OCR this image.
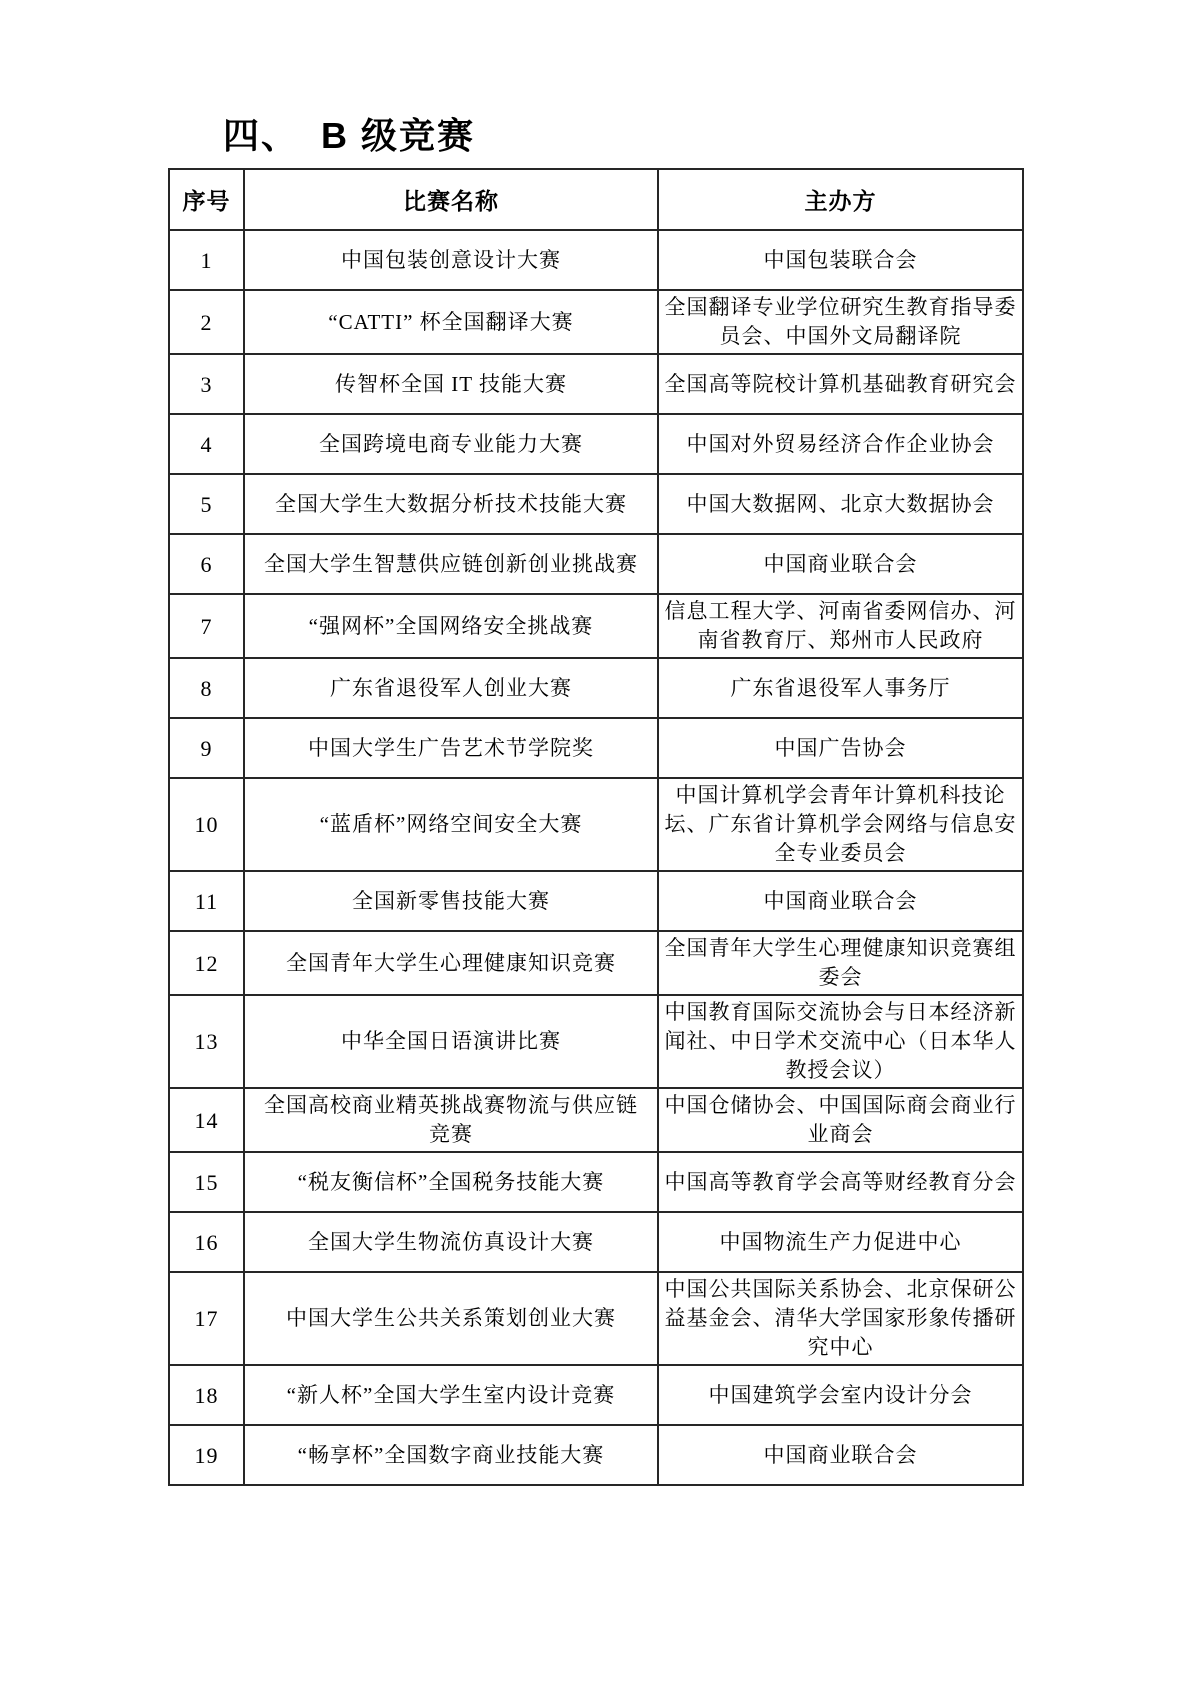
四、 B 级竞赛
序号	比赛名称	主办方
1	中国包装创意设计大赛	中国包装联合会
2	“CATTI” 杯全国翻译大赛	全国翻译专业学位研究生教育指导委员会、中国外文局翻译院
3	传智杯全国 IT 技能大赛	全国高等院校计算机基础教育研究会
4	全国跨境电商专业能力大赛	中国对外贸易经济合作企业协会
5	全国大学生大数据分析技术技能大赛	中国大数据网、北京大数据协会
6	全国大学生智慧供应链创新创业挑战赛	中国商业联合会
7	“强网杯”全国网络安全挑战赛	信息工程大学、河南省委网信办、河南省教育厅、郑州市人民政府
8	广东省退役军人创业大赛	广东省退役军人事务厅
9	中国大学生广告艺术节学院奖	中国广告协会
10	“蓝盾杯”网络空间安全大赛	中国计算机学会青年计算机科技论坛、广东省计算机学会网络与信息安全专业委员会
11	全国新零售技能大赛	中国商业联合会
12	全国青年大学生心理健康知识竞赛	全国青年大学生心理健康知识竞赛组委会
13	中华全国日语演讲比赛	中国教育国际交流协会与日本经济新闻社、中日学术交流中心（日本华人教授会议）
14	全国高校商业精英挑战赛物流与供应链竞赛	中国仓储协会、中国国际商会商业行业商会
15	“税友衡信杯”全国税务技能大赛	中国高等教育学会高等财经教育分会
16	全国大学生物流仿真设计大赛	中国物流生产力促进中心
17	中国大学生公共关系策划创业大赛	中国公共国际关系协会、北京保研公益基金会、清华大学国家形象传播研究中心
18	“新人杯”全国大学生室内设计竞赛	中国建筑学会室内设计分会
19	“畅享杯”全国数字商业技能大赛	中国商业联合会
